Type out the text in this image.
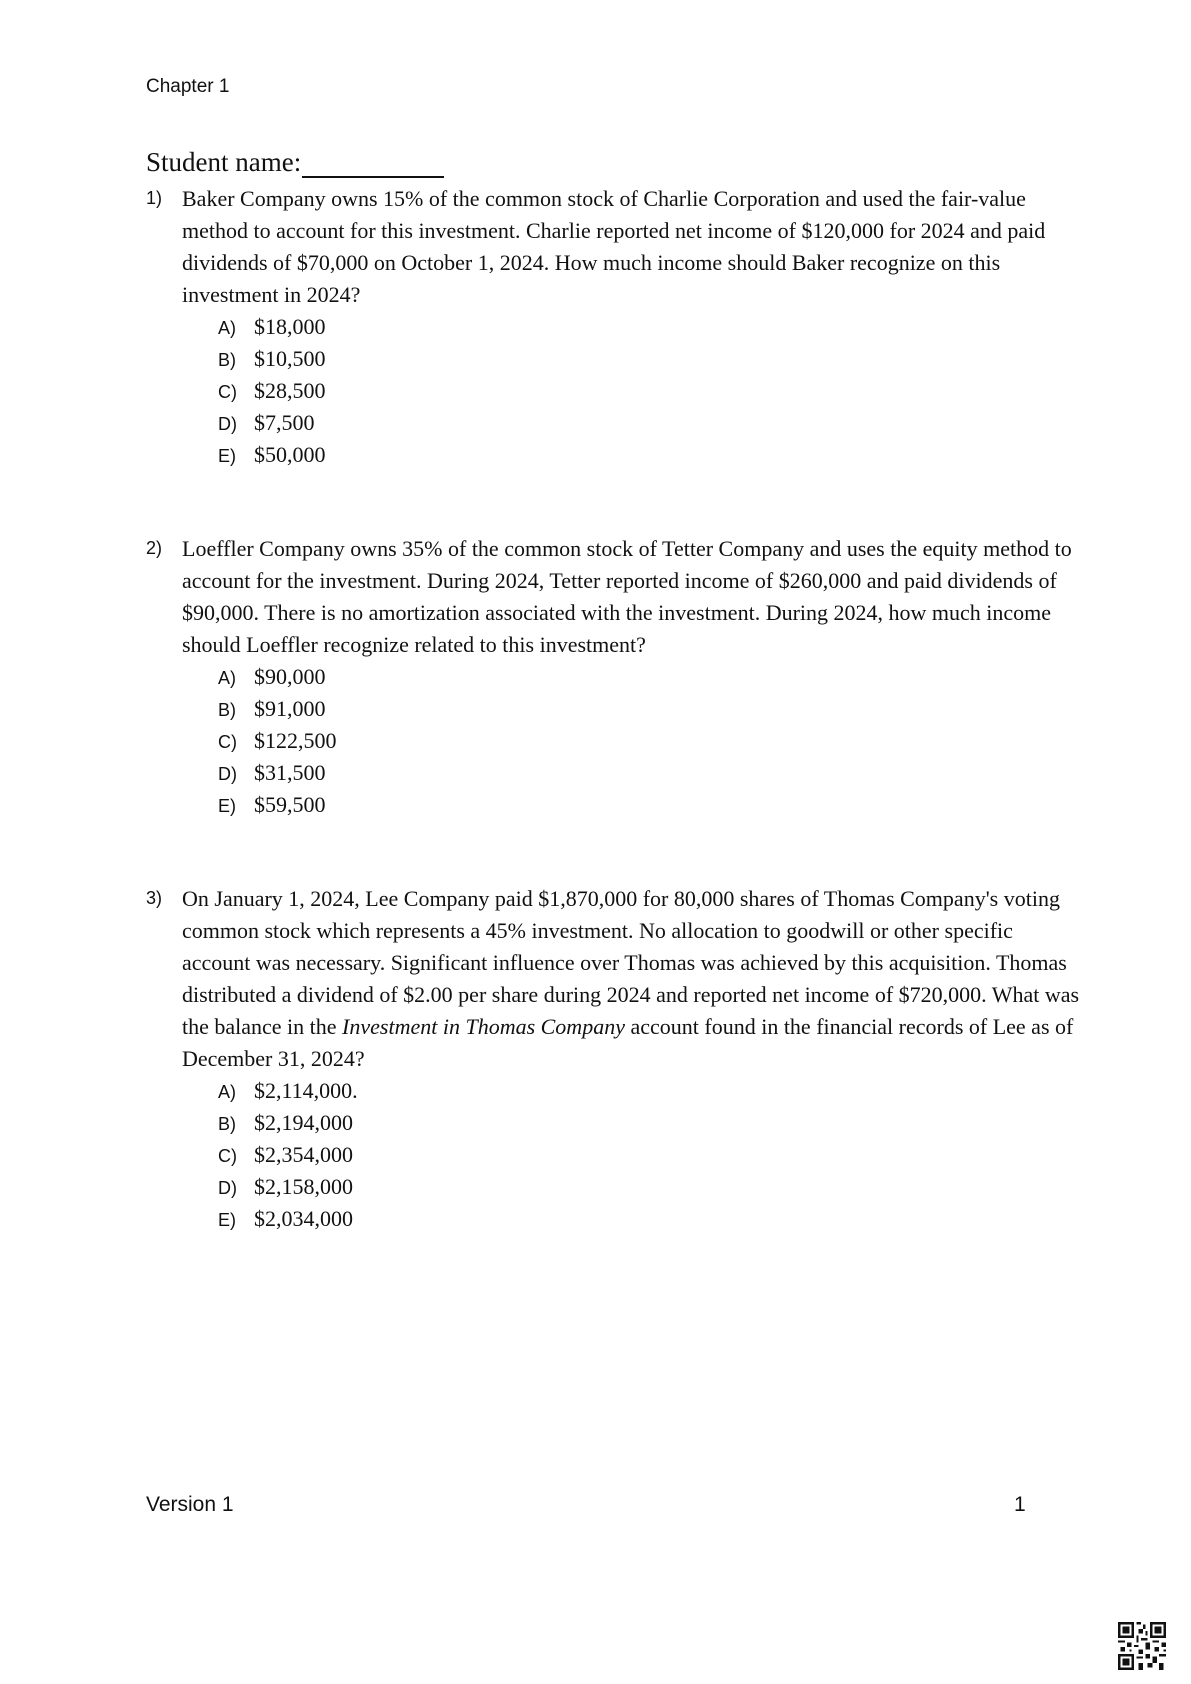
Chapter 1
Student name:
1) Baker Company owns 15% of the common stock of Charlie Corporation and used the fair-value method to account for this investment. Charlie reported net income of $120,000 for 2024 and paid dividends of $70,000 on October 1, 2024. How much income should Baker recognize on this investment in 2024?
A) $18,000
B) $10,500
C) $28,500
D) $7,500
E) $50,000
2) Loeffler Company owns 35% of the common stock of Tetter Company and uses the equity method to account for the investment. During 2024, Tetter reported income of $260,000 and paid dividends of $90,000. There is no amortization associated with the investment. During 2024, how much income should Loeffler recognize related to this investment?
A) $90,000
B) $91,000
C) $122,500
D) $31,500
E) $59,500
3) On January 1, 2024, Lee Company paid $1,870,000 for 80,000 shares of Thomas Company's voting common stock which represents a 45% investment. No allocation to goodwill or other specific account was necessary. Significant influence over Thomas was achieved by this acquisition. Thomas distributed a dividend of $2.00 per share during 2024 and reported net income of $720,000. What was the balance in the Investment in Thomas Company account found in the financial records of Lee as of December 31, 2024?
A) $2,114,000.
B) $2,194,000
C) $2,354,000
D) $2,158,000
E) $2,034,000
Version 1	1
